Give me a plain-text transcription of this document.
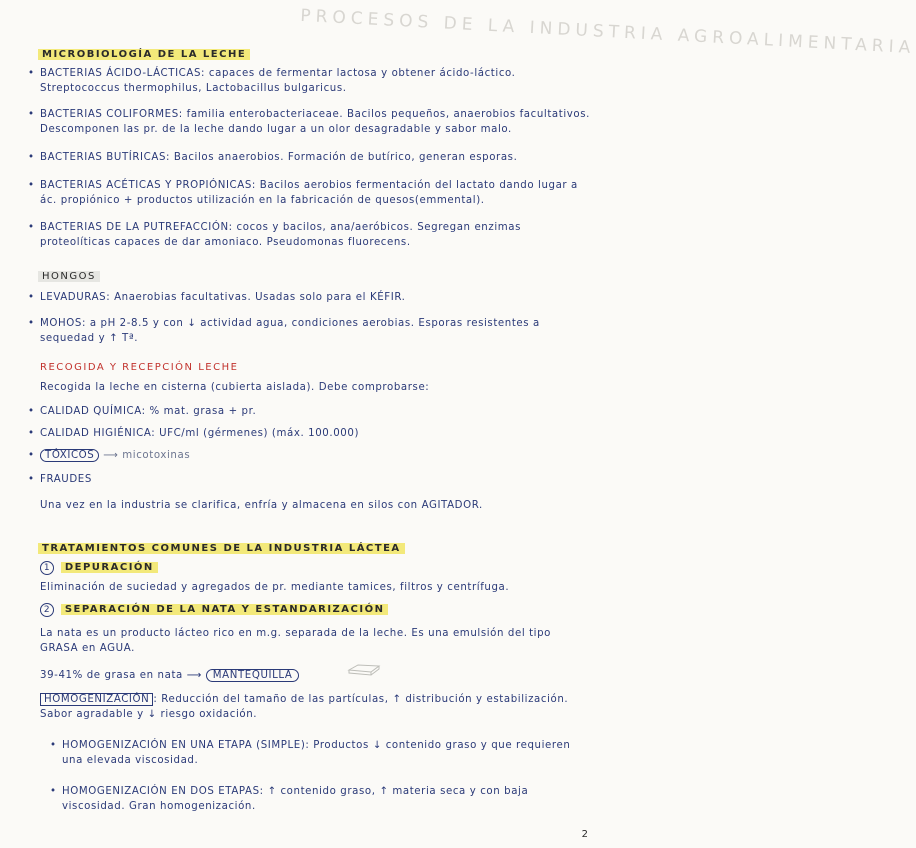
PROCESOS DE LA INDUSTRIA AGROALIMENTARIA
MICROBIOLOGÍA DE LA LECHE
• BACTERIAS ÁCIDO-LÁCTICAS: capaces de fermentar lactosa y obtener ácido-láctico. Streptococcus thermophilus, Lactobacillus bulgaricus.
• BACTERIAS COLIFORMES: familia enterobacteriaceae. Bacilos pequeños, anaerobios facultativos. Descomponen las pr. de la leche dando lugar a un olor desagradable y sabor malo.
• BACTERIAS BUTÍRICAS: Bacilos anaerobios. Formación de butírico, generan esporas.
• BACTERIAS ACÉTICAS Y PROPIÓNICAS: Bacilos aerobios fermentación del lactato dando lugar a ác. propiónico + productos utilización en la fabricación de quesos(emmental).
• BACTERIAS DE LA PUTREFACCIÓN: cocos y bacilos, ana/aeróbicos. Segregan enzimas proteolíticas capaces de dar amoniaco. Pseudomonas fluorecens.
HONGOS
• LEVADURAS: Anaerobias facultativas. Usadas solo para el KÉFIR.
• MOHOS: a pH 2-8.5 y con ↓ actividad agua, condiciones aerobias. Esporas resistentes a sequedad y ↑ Tª.
RECOGIDA Y RECEPCIÓN LECHE
Recogida la leche en cisterna (cubierta aislada). Debe comprobarse:
• CALIDAD QUÍMICA: % mat. grasa + pr.
• CALIDAD HIGIÉNICA: UFC/ml (gérmenes) (máx. 100.000)
• TÓXICOS ⟶ micotoxinas
• FRAUDES
Una vez en la industria se clarifica, enfría y almacena en silos con AGITADOR.
TRATAMIENTOS COMUNES DE LA INDUSTRIA LÁCTEA
1 DEPURACIÓN
Eliminación de suciedad y agregados de pr. mediante tamices, filtros y centrífuga.
2 SEPARACIÓN DE LA NATA Y ESTANDARIZACIÓN
La nata es un producto lácteo rico en m.g. separada de la leche. Es una emulsión del tipo GRASA en AGUA.
39-41% de grasa en nata ⟶ MANTEQUILLA
HOMOGENIZACIÓN : Reducción del tamaño de las partículas, ↑ distribución y estabilización. Sabor agradable y ↓ riesgo oxidación.
• HOMOGENIZACIÓN EN UNA ETAPA (SIMPLE): Productos ↓ contenido graso y que requieren una elevada viscosidad.
• HOMOGENIZACIÓN EN DOS ETAPAS: ↑ contenido graso, ↑ materia seca y con baja viscosidad. Gran homogenización.
2
